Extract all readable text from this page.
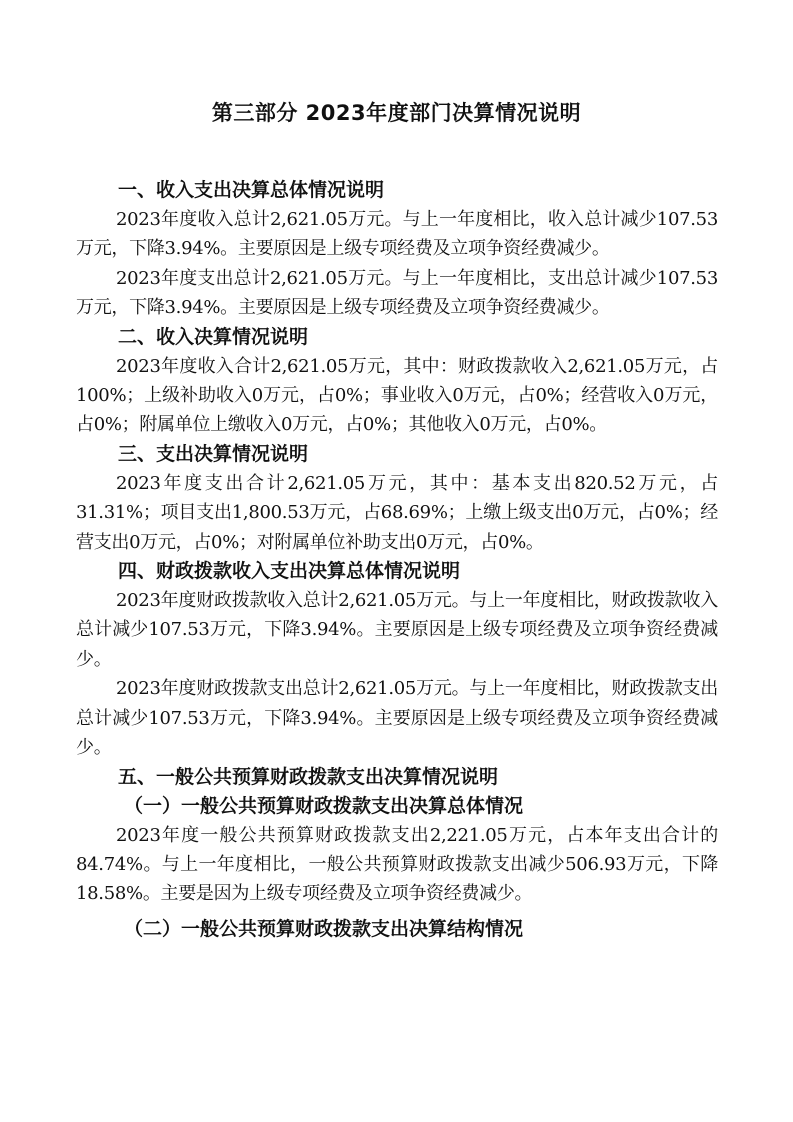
第三部分 2023年度部门决算情况说明
一、收入支出决算总体情况说明

2023年度收入总计2,621.05万元。与上一年度相比，收入总计减少107.53万元，下降3.94%。主要原因是上级专项经费及立项争资经费减少。

2023年度支出总计2,621.05万元。与上一年度相比，支出总计减少107.53万元，下降3.94%。主要原因是上级专项经费及立项争资经费减少。

二、收入决算情况说明

2023年度收入合计2,621.05万元，其中：财政拨款收入2,621.05万元，占100%；上级补助收入0万元，占0%；事业收入0万元，占0%；经营收入0万元，占0%；附属单位上缴收入0万元，占0%；其他收入0万元，占0%。

三、支出决算情况说明

2023年度支出合计2,621.05万元，其中：基本支出820.52万元，占31.31%；项目支出1,800.53万元，占68.69%；上缴上级支出0万元，占0%；经营支出0万元，占0%；对附属单位补助支出0万元，占0%。

四、财政拨款收入支出决算总体情况说明

2023年度财政拨款收入总计2,621.05万元。与上一年度相比，财政拨款收入总计减少107.53万元，下降3.94%。主要原因是上级专项经费及立项争资经费减少。

2023年度财政拨款支出总计2,621.05万元。与上一年度相比，财政拨款支出总计减少107.53万元，下降3.94%。主要原因是上级专项经费及立项争资经费减少。

五、一般公共预算财政拨款支出决算情况说明
（一）一般公共预算财政拨款支出决算总体情况

2023年度一般公共预算财政拨款支出2,221.05万元，占本年支出合计的84.74%。与上一年度相比，一般公共预算财政拨款支出减少506.93万元，下降18.58%。主要是因为上级专项经费及立项争资经费减少。

（二）一般公共预算财政拨款支出决算结构情况
